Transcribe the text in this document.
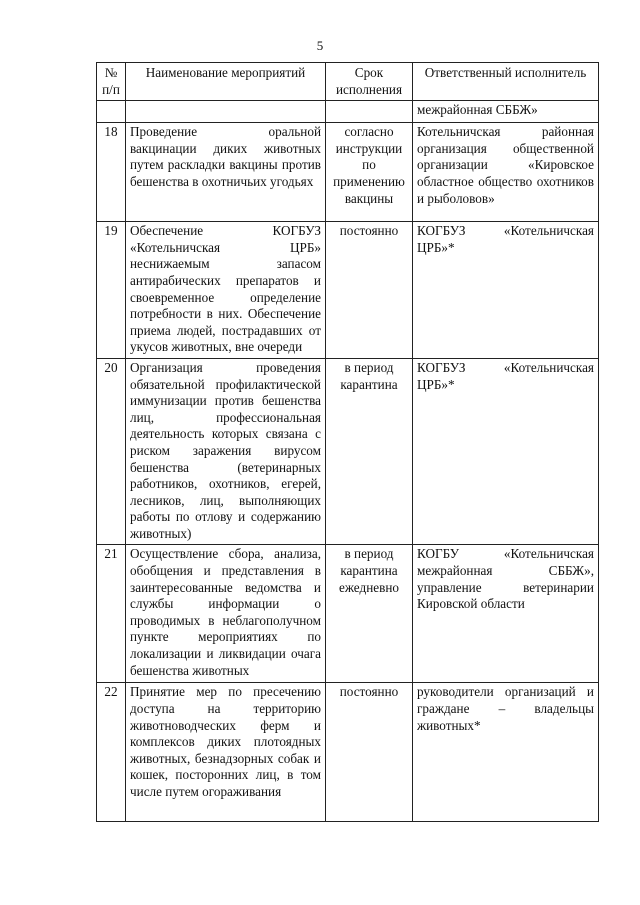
5
№ п/п	Наименование мероприятий	Срок исполнения	Ответственный исполнитель
			межрайонная СББЖ»
18	Проведение оральной вакцинации диких животных путем раскладки вакцины против бешенства в охотничьих угодьях	согласно инструкции по применению вакцины	Котельничская районная организация общественной организации «Кировское областное общество охотников и рыболовов»
19	Обеспечение КОГБУЗ «Котельничская ЦРБ» неснижаемым запасом антирабических препаратов и своевременное определение потребности в них. Обеспечение приема людей, пострадавших от укусов животных, вне очереди	постоянно	КОГБУЗ «Котельничская ЦРБ»*
20	Организация проведения обязательной профилактической иммунизации против бешенства лиц, профессиональная деятельность которых связана с риском заражения вирусом бешенства (ветеринарных работников, охотников, егерей, лесников, лиц, выполняющих работы по отлову и содержанию животных)	в период карантина	КОГБУЗ «Котельничская ЦРБ»*
21	Осуществление сбора, анализа, обобщения и представления в заинтересованные ведомства и службы информации о проводимых в неблагополучном пункте мероприятиях по локализации и ликвидации очага бешенства животных	в период карантина ежедневно	КОГБУ «Котельничская межрайонная СББЖ», управление ветеринарии Кировской области
22	Принятие мер по пресечению доступа на территорию животноводческих ферм и комплексов диких плотоядных животных, безнадзорных собак и кошек, посторонних лиц, в том числе путем огораживания	постоянно	руководители организаций и граждане – владельцы животных*
